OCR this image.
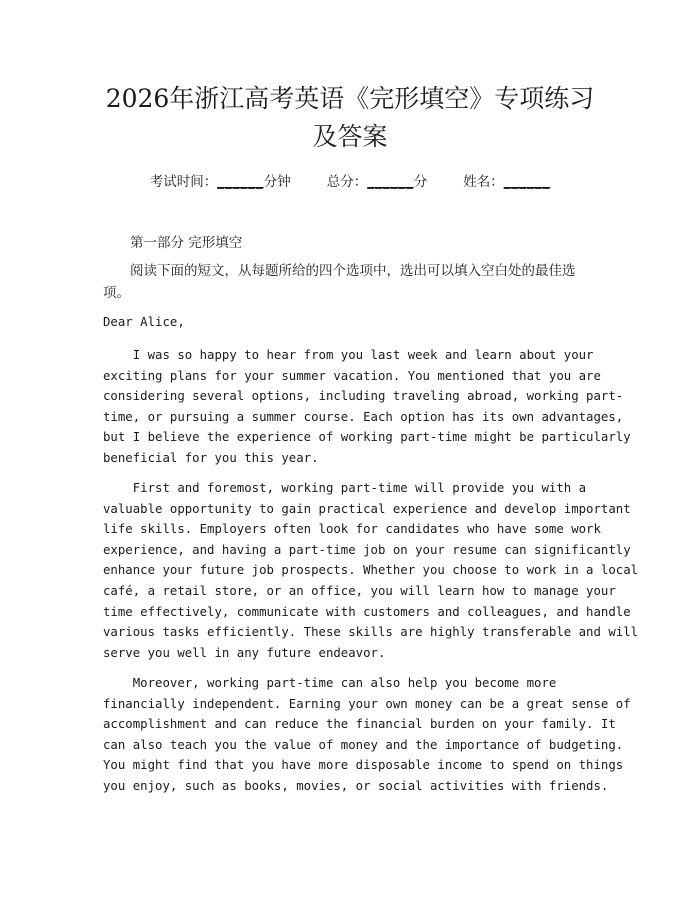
2026年浙江高考英语《完形填空》专项练习
及答案
考试时间：______分钟	总分：______分	姓名：______
第一部分 完形填空

阅读下面的短文，从每题所给的四个选项中，选出可以填入空白处的最佳选项。

Dear Alice,

I was so happy to hear from you last week and learn about your
exciting plans for your summer vacation. You mentioned that you are
considering several options, including traveling abroad, working part-
time, or pursuing a summer course. Each option has its own advantages,
but I believe the experience of working part-time might be particularly
beneficial for you this year.

First and foremost, working part-time will provide you with a
valuable opportunity to gain practical experience and develop important
life skills. Employers often look for candidates who have some work
experience, and having a part-time job on your resume can significantly
enhance your future job prospects. Whether you choose to work in a local
café, a retail store, or an office, you will learn how to manage your
time effectively, communicate with customers and colleagues, and handle
various tasks efficiently. These skills are highly transferable and will
serve you well in any future endeavor.

Moreover, working part-time can also help you become more
financially independent. Earning your own money can be a great sense of
accomplishment and can reduce the financial burden on your family. It
can also teach you the value of money and the importance of budgeting.
You might find that you have more disposable income to spend on things
you enjoy, such as books, movies, or social activities with friends.
